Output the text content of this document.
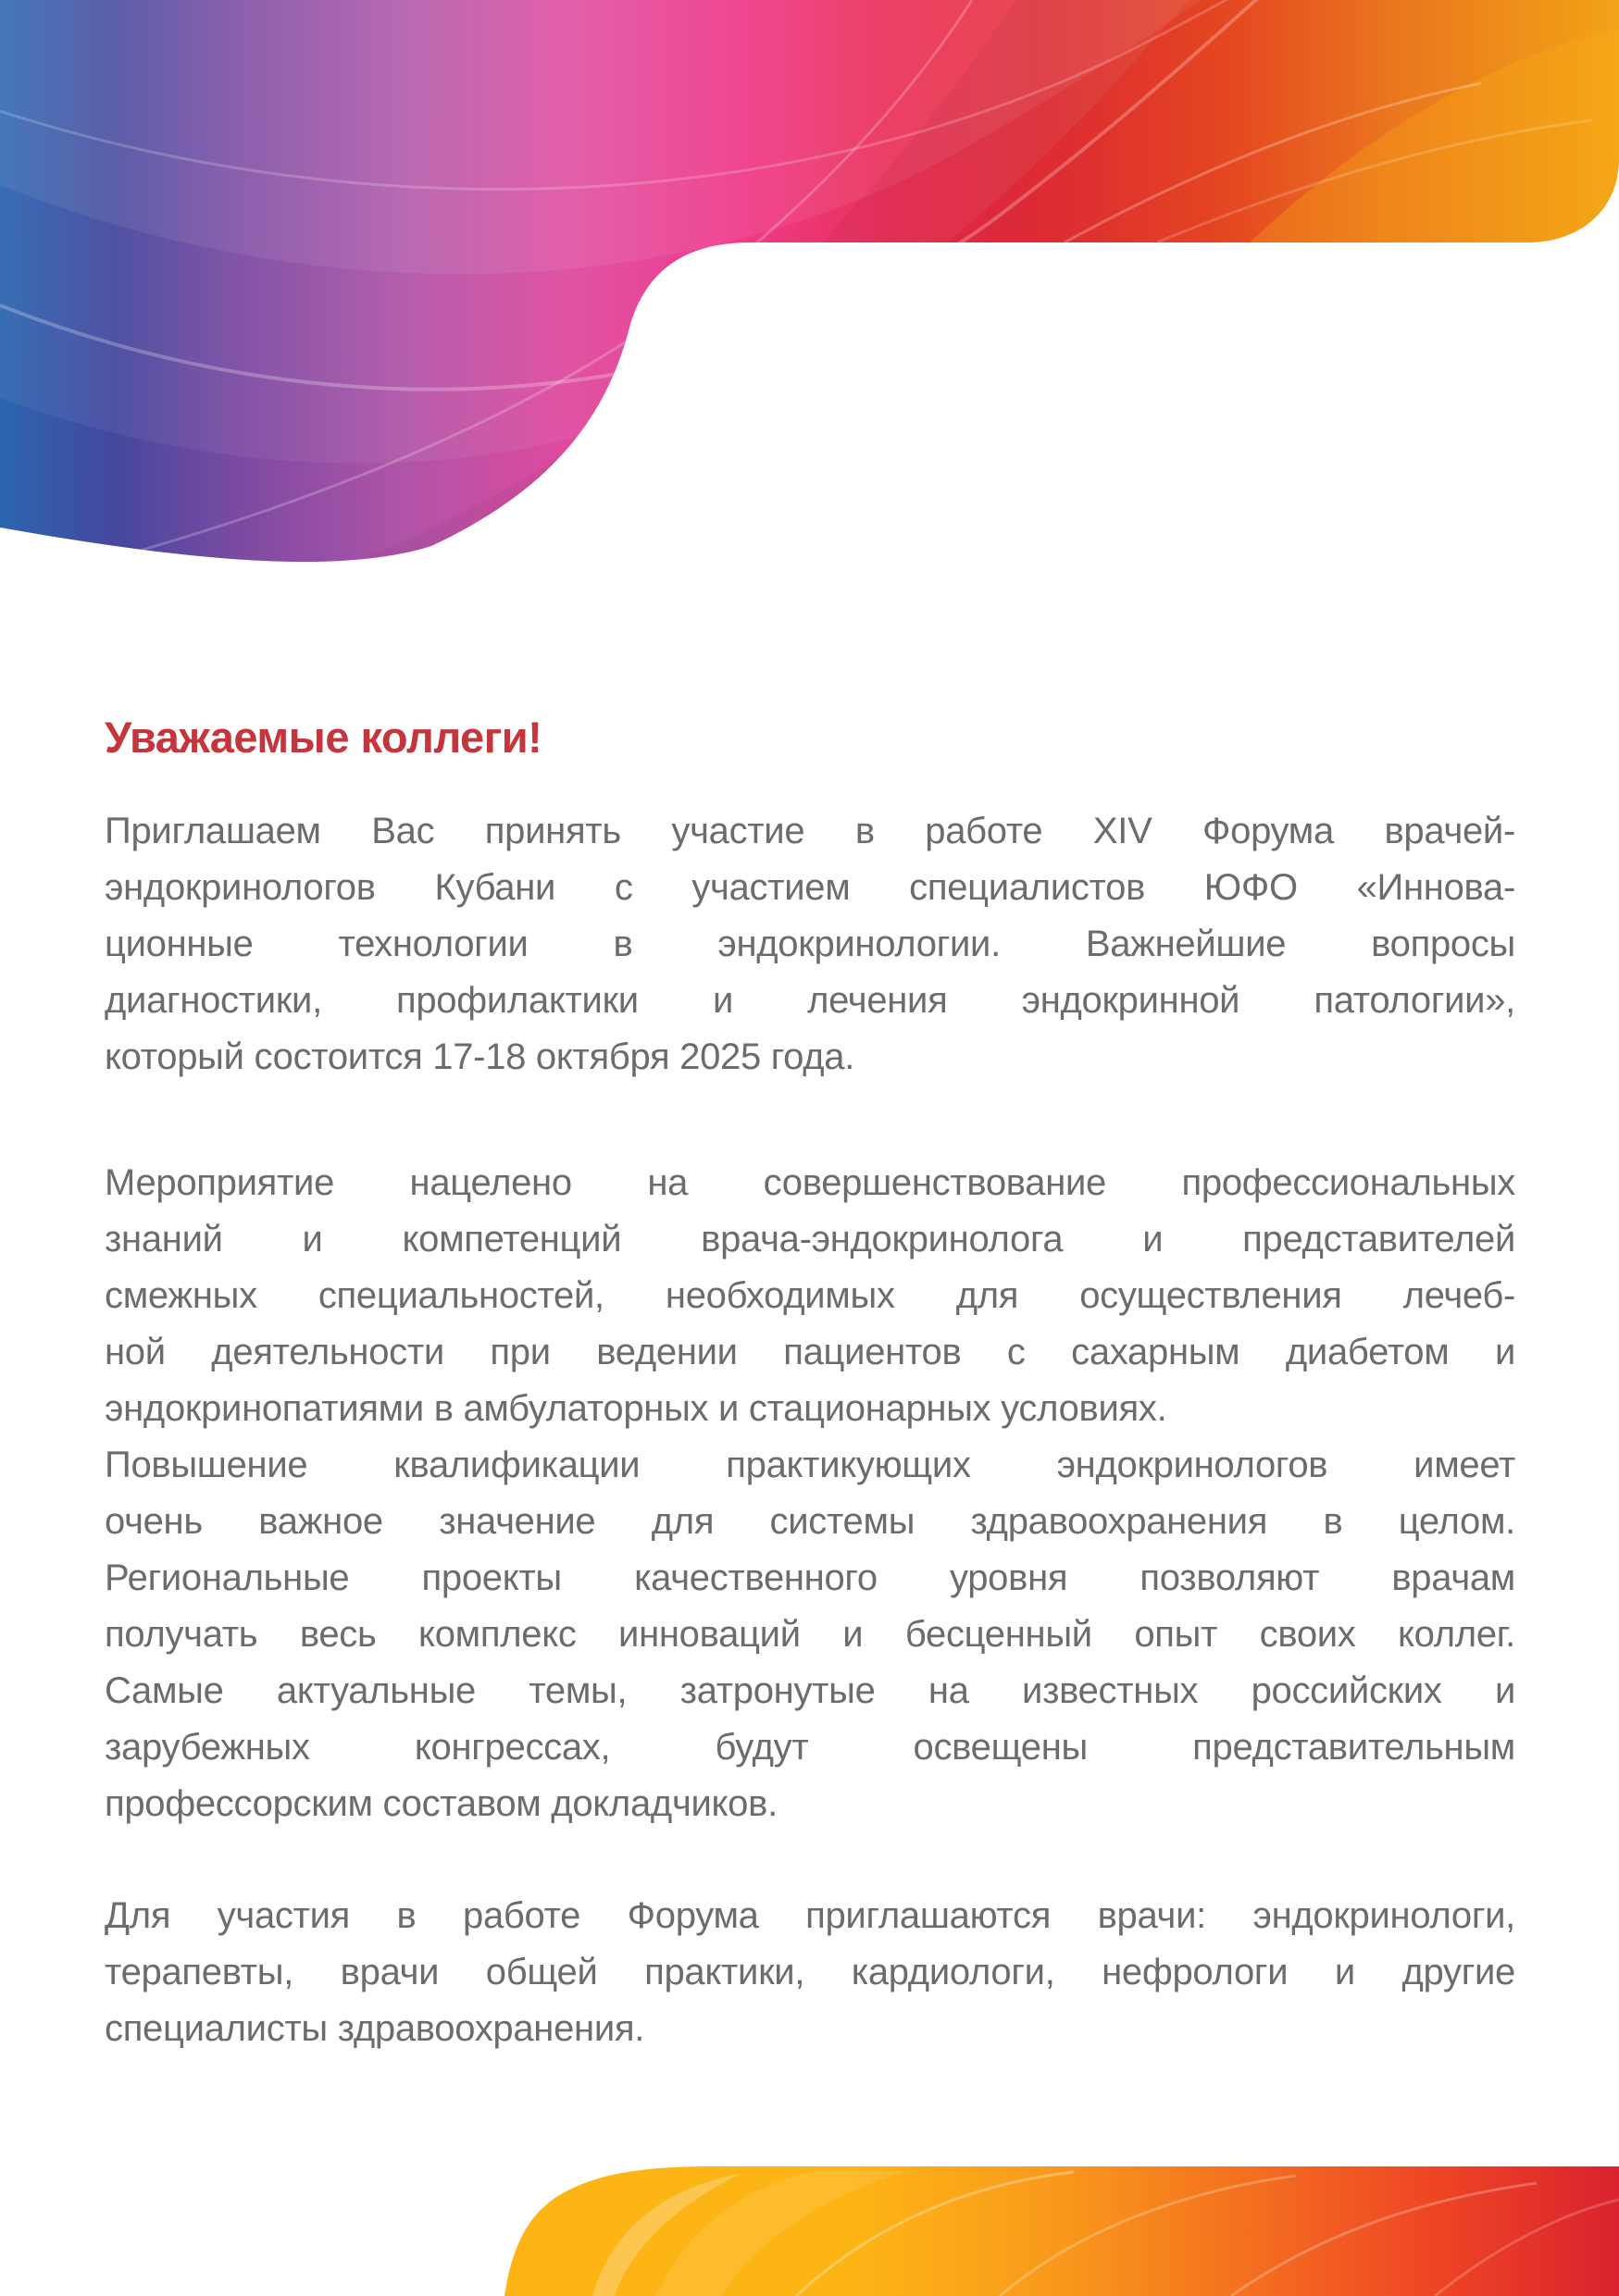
Уважаемые коллеги!
Приглашаем Вас принять участие в работе XIV Форума врачей-
эндокринологов Кубани с участием специалистов ЮФО «Иннова-
ционные технологии в эндокринологии. Важнейшие вопросы
диагностики, профилактики и лечения эндокринной патологии»,
который состоится 17-18 октября 2025 года.
Мероприятие нацелено на совершенствование профессиональных
знаний и компетенций врача-эндокринолога и представителей
смежных специальностей, необходимых для осуществления лечеб-
ной деятельности при ведении пациентов с сахарным диабетом и
эндокринопатиями в амбулаторных и стационарных условиях.
Повышение квалификации практикующих эндокринологов имеет
очень важное значение для системы здравоохранения в целом.
Региональные проекты качественного уровня позволяют врачам
получать весь комплекс инноваций и бесценный опыт своих коллег.
Самые актуальные темы, затронутые на известных российских и
зарубежных конгрессах, будут освещены представительным
профессорским составом докладчиков.
Для участия в работе Форума приглашаются врачи: эндокринологи,
терапевты, врачи общей практики, кардиологи, нефрологи и другие
специалисты здравоохранения.
